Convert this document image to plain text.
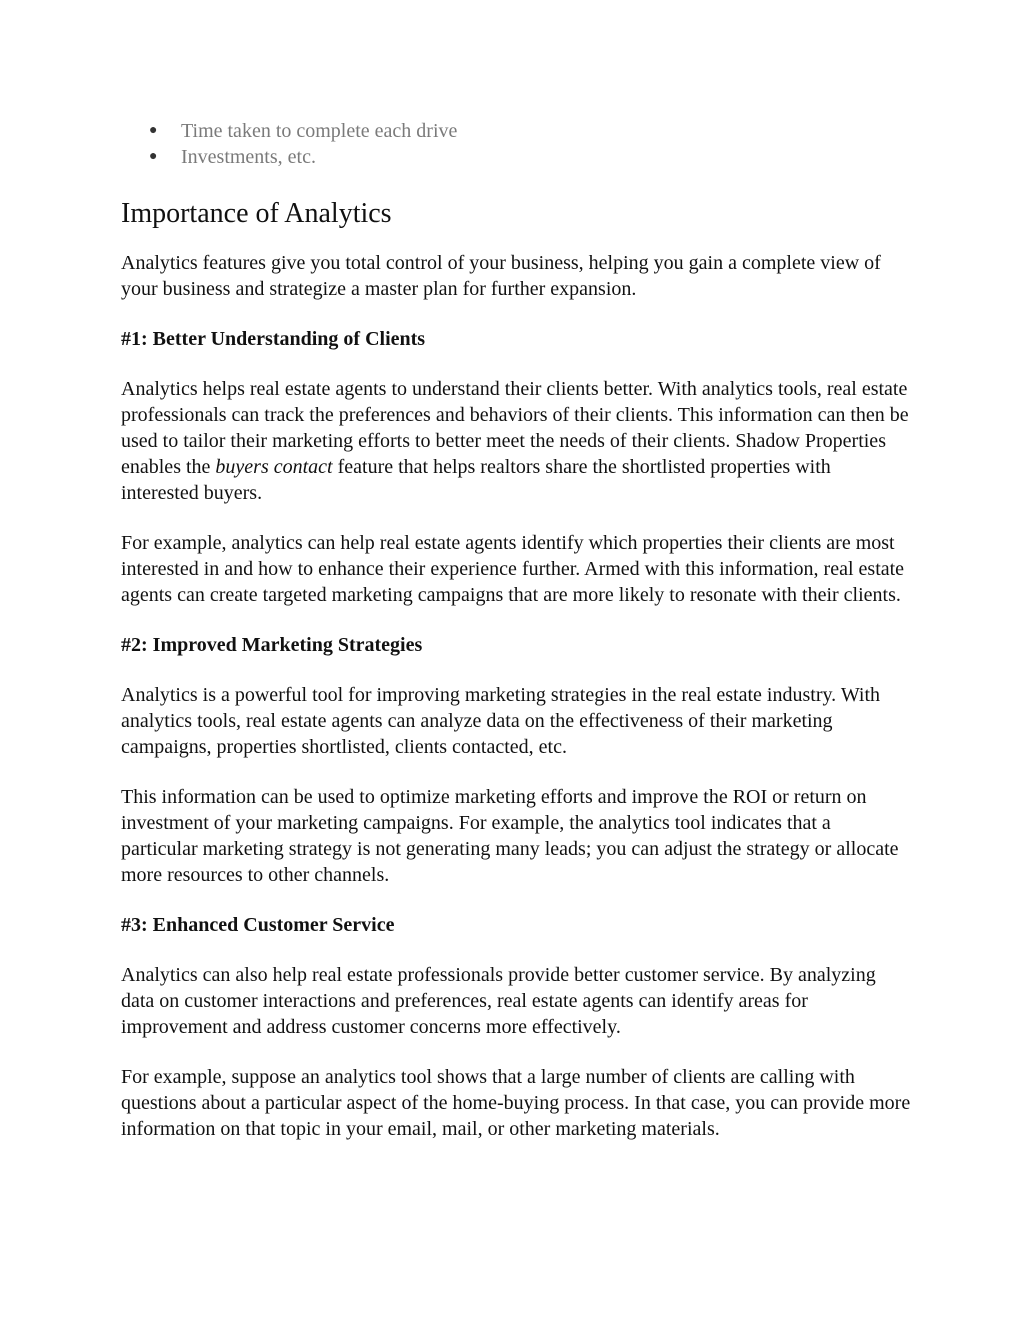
● Time taken to complete each drive
● Investments, etc.
Importance of Analytics

Analytics features give you total control of your business, helping you gain a complete view of your business and strategize a master plan for further expansion.

#1: Better Understanding of Clients

Analytics helps real estate agents to understand their clients better. With analytics tools, real estate professionals can track the preferences and behaviors of their clients. This information can then be used to tailor their marketing efforts to better meet the needs of their clients. Shadow Properties enables the buyers contact feature that helps realtors share the shortlisted properties with interested buyers.

For example, analytics can help real estate agents identify which properties their clients are most interested in and how to enhance their experience further. Armed with this information, real estate agents can create targeted marketing campaigns that are more likely to resonate with their clients.

#2: Improved Marketing Strategies

Analytics is a powerful tool for improving marketing strategies in the real estate industry. With analytics tools, real estate agents can analyze data on the effectiveness of their marketing campaigns, properties shortlisted, clients contacted, etc.

This information can be used to optimize marketing efforts and improve the ROI or return on investment of your marketing campaigns. For example, the analytics tool indicates that a particular marketing strategy is not generating many leads; you can adjust the strategy or allocate more resources to other channels.

#3: Enhanced Customer Service

Analytics can also help real estate professionals provide better customer service. By analyzing data on customer interactions and preferences, real estate agents can identify areas for improvement and address customer concerns more effectively.

For example, suppose an analytics tool shows that a large number of clients are calling with questions about a particular aspect of the home-buying process. In that case, you can provide more information on that topic in your email, mail, or other marketing materials.
